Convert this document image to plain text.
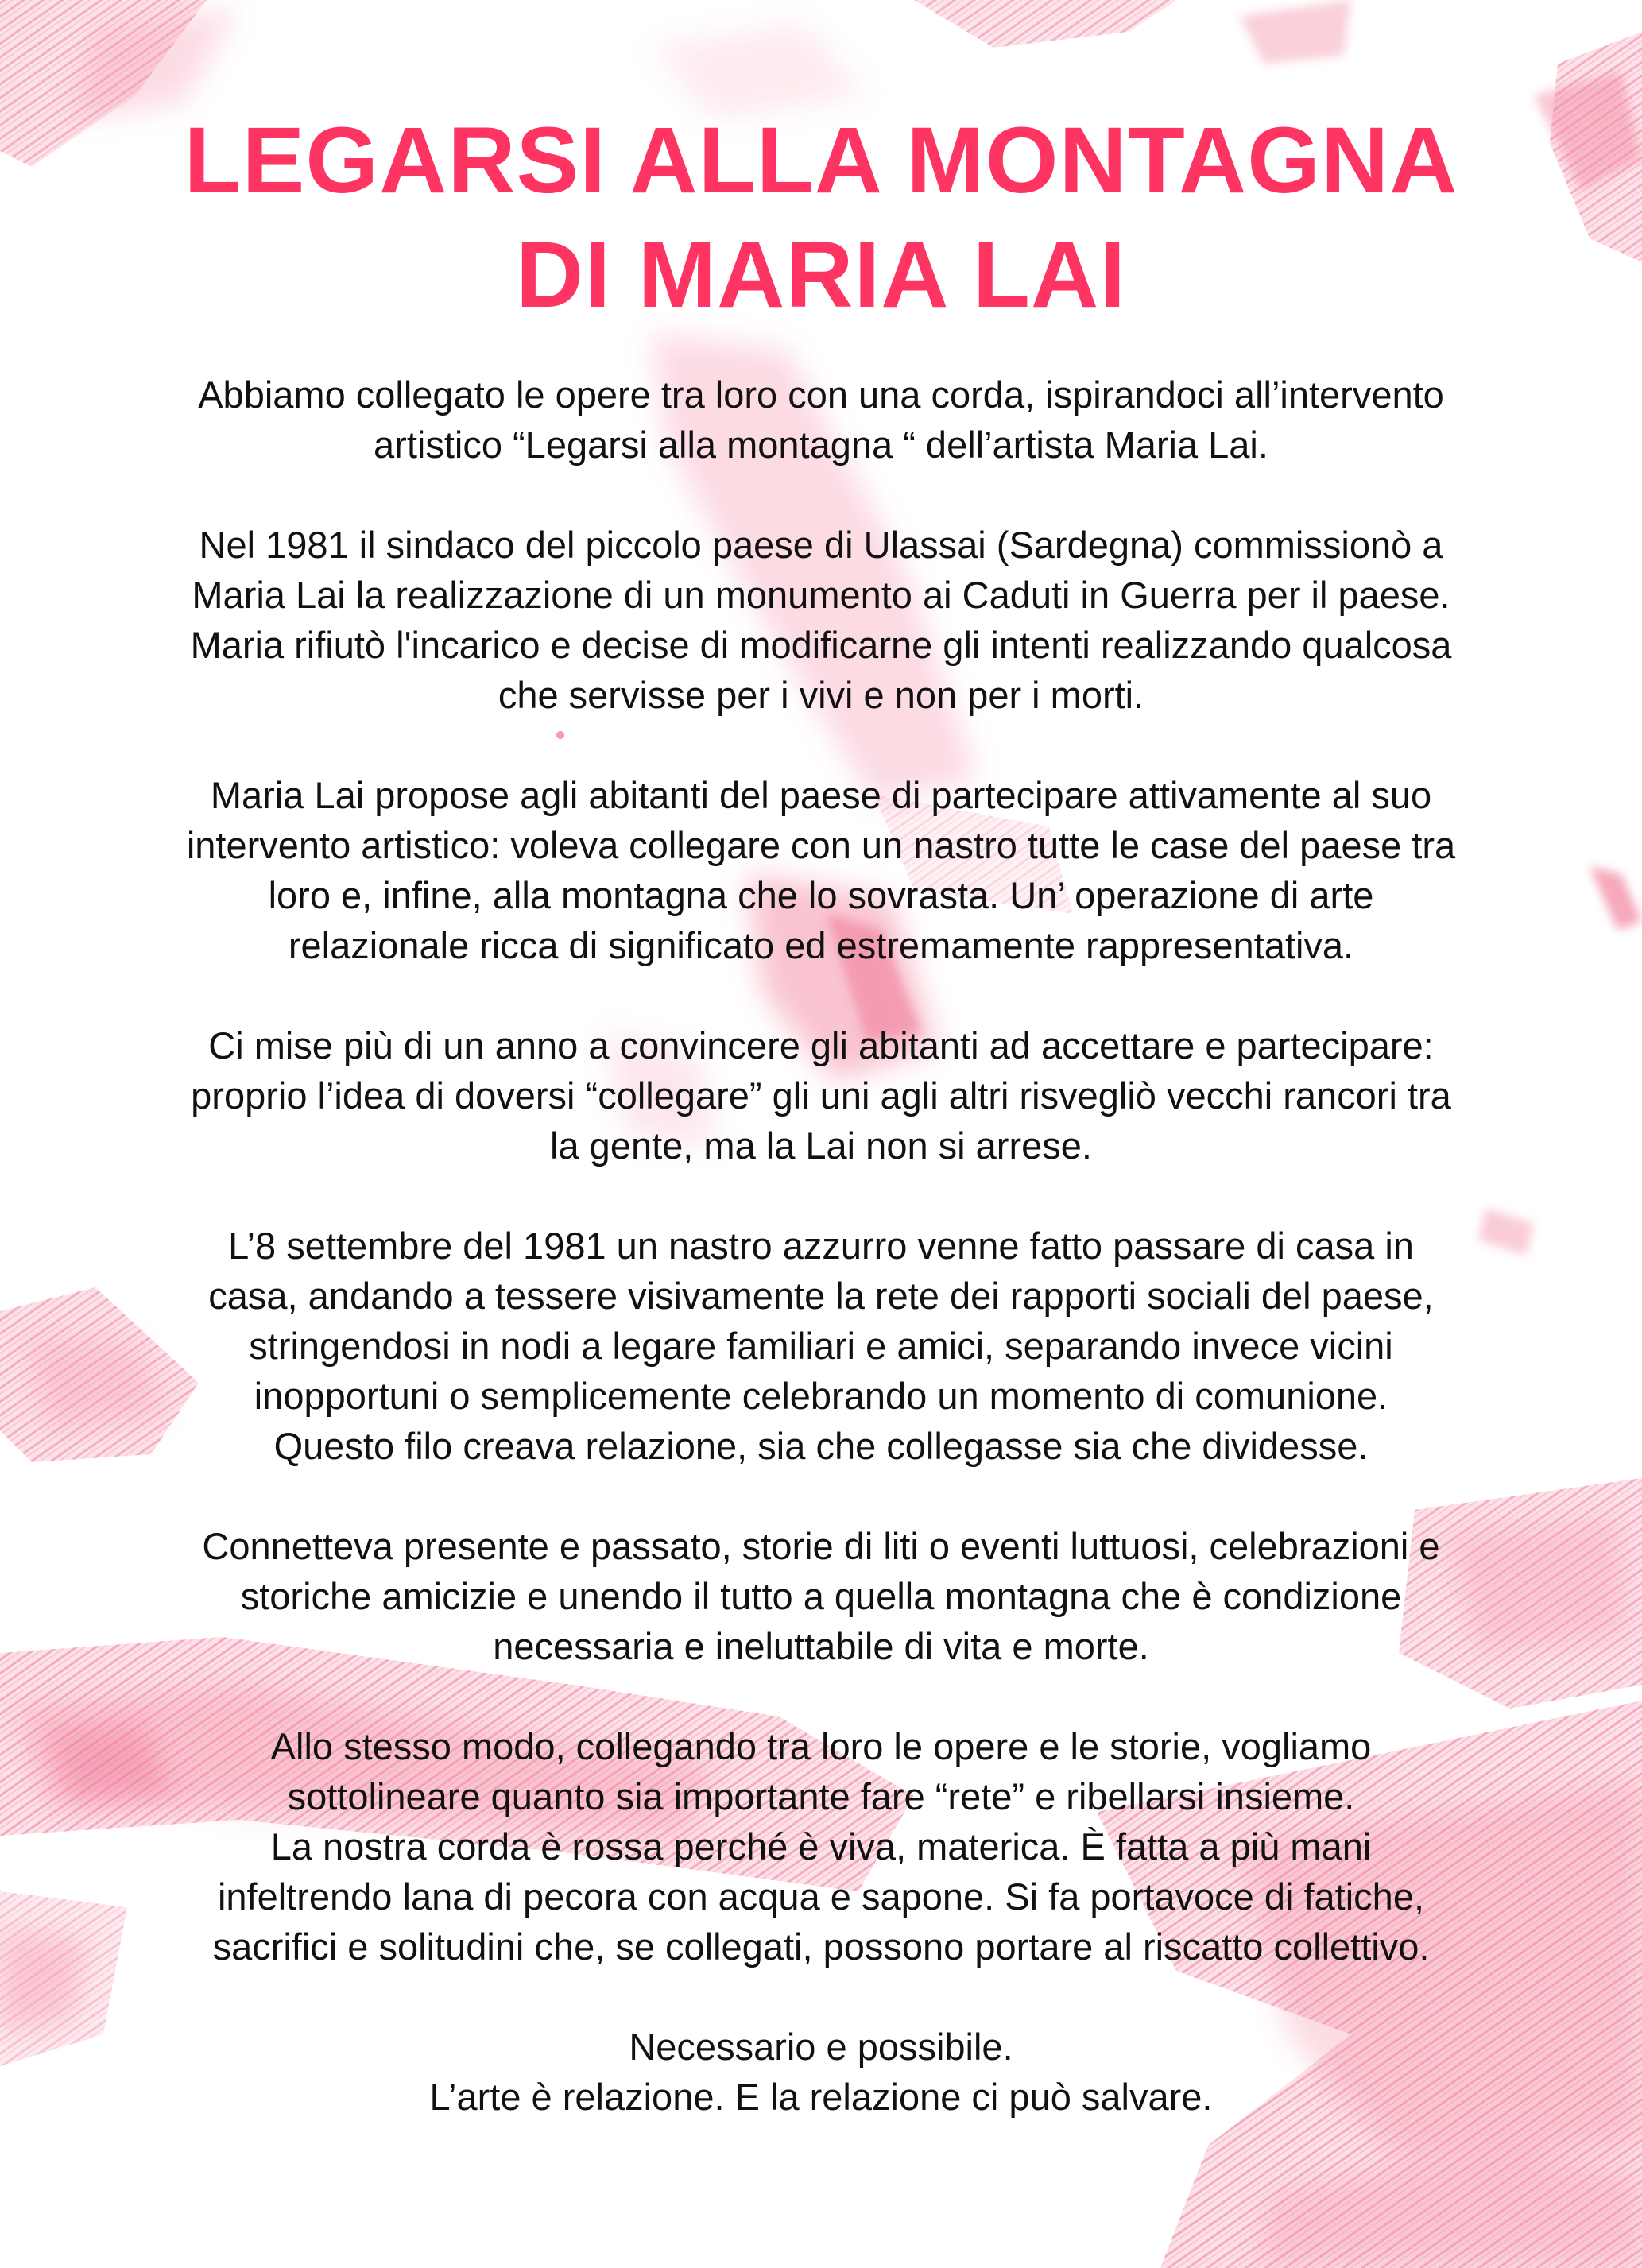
LEGARSI ALLA MONTAGNA
DI MARIA LAI

Abbiamo collegato le opere tra loro con una corda, ispirandoci all’intervento
artistico “Legarsi alla montagna “ dell’artista Maria Lai.

Nel 1981 il sindaco del piccolo paese di Ulassai (Sardegna) commissionò a
Maria Lai la realizzazione di un monumento ai Caduti in Guerra per il paese.
Maria rifiutò l'incarico e decise di modificarne gli intenti realizzando qualcosa
che servisse per i vivi e non per i morti.

Maria Lai propose agli abitanti del paese di partecipare attivamente al suo
intervento artistico: voleva collegare con un nastro tutte le case del paese tra
loro e, infine, alla montagna che lo sovrasta. Un’ operazione di arte
relazionale ricca di significato ed estremamente rappresentativa.

Ci mise più di un anno a convincere gli abitanti ad accettare e partecipare:
proprio l’idea di doversi “collegare” gli uni agli altri risvegliò vecchi rancori tra
la gente, ma la Lai non si arrese.

L’8 settembre del 1981 un nastro azzurro venne fatto passare di casa in
casa, andando a tessere visivamente la rete dei rapporti sociali del paese,
stringendosi in nodi a legare familiari e amici, separando invece vicini
inopportuni o semplicemente celebrando un momento di comunione.
Questo filo creava relazione, sia che collegasse sia che dividesse.

Connetteva presente e passato, storie di liti o eventi luttuosi, celebrazioni e
storiche amicizie e unendo il tutto a quella montagna che è condizione
necessaria e ineluttabile di vita e morte.

Allo stesso modo, collegando tra loro le opere e le storie, vogliamo
sottolineare quanto sia importante fare “rete” e ribellarsi insieme.
La nostra corda è rossa perché è viva, materica. È fatta a più mani
infeltrendo lana di pecora con acqua e sapone. Si fa portavoce di fatiche,
sacrifici e solitudini che, se collegati, possono portare al riscatto collettivo.

Necessario e possibile.
L’arte è relazione. E la relazione ci può salvare.
